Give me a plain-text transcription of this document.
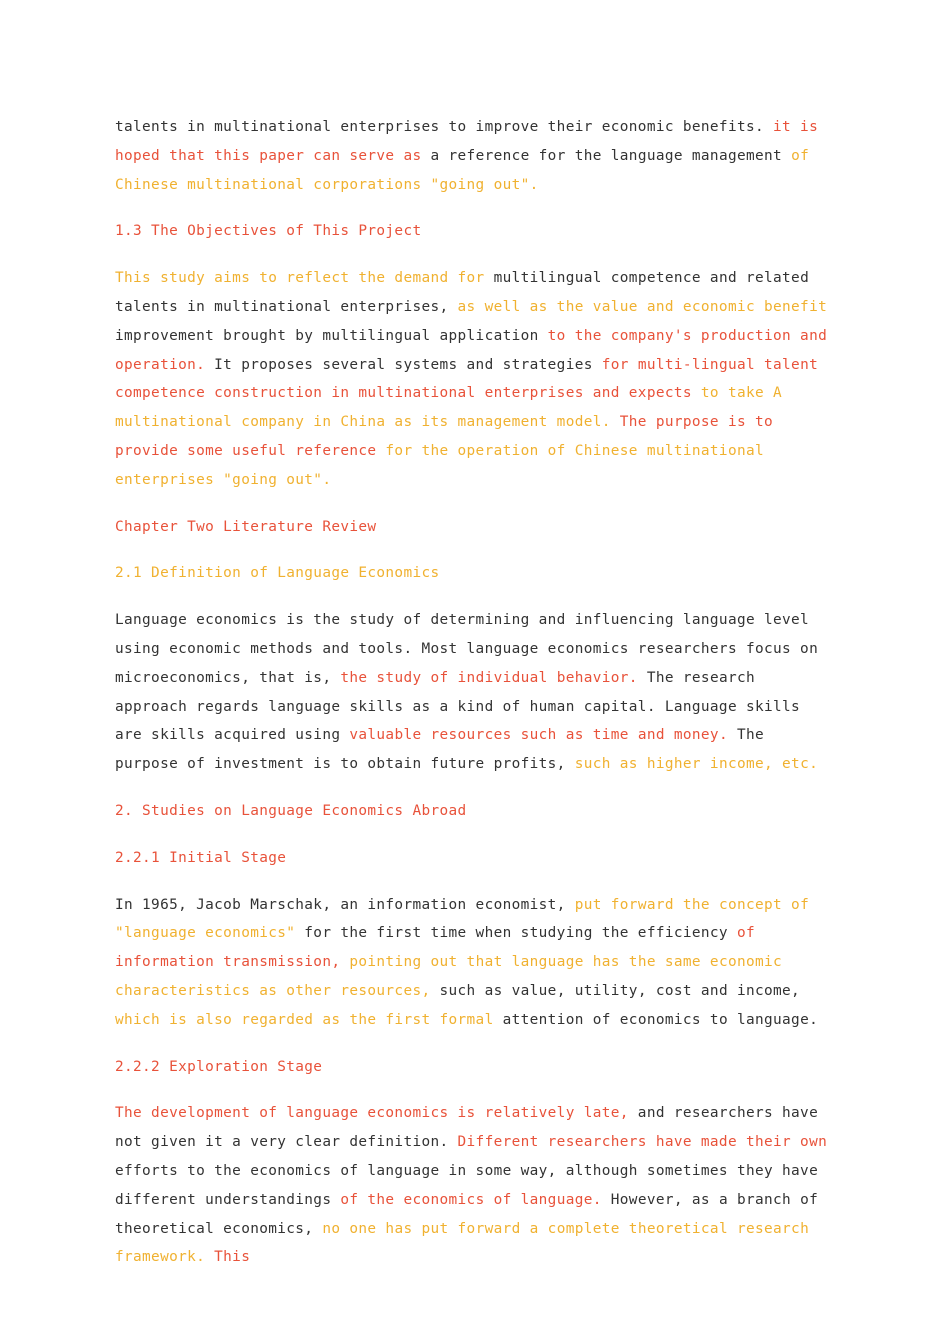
talents in multinational enterprises to improve their economic benefits. it is hoped that this paper can serve as a reference for the language management of Chinese multinational corporations "going out".

1.3 The Objectives of This Project

This study aims to reflect the demand for multilingual competence and related talents in multinational enterprises, as well as the value and economic benefit improvement brought by multilingual application to the company's production and operation. It proposes several systems and strategies for multi-lingual talent competence construction in multinational enterprises and expects to take A multinational company in China as its management model. The purpose is to provide some useful reference for the operation of Chinese multinational enterprises "going out".

Chapter Two Literature Review

2.1 Definition of Language Economics

Language economics is the study of determining and influencing language level using economic methods and tools. Most language economics researchers focus on microeconomics, that is, the study of individual behavior. The research approach regards language skills as a kind of human capital. Language skills are skills acquired using valuable resources such as time and money. The purpose of investment is to obtain future profits, such as higher income, etc.

2. Studies on Language Economics Abroad

2.2.1 Initial Stage

In 1965, Jacob Marschak, an information economist, put forward the concept of "language economics" for the first time when studying the efficiency of information transmission, pointing out that language has the same economic characteristics as other resources, such as value, utility, cost and income, which is also regarded as the first formal attention of economics to language.

2.2.2 Exploration Stage

The development of language economics is relatively late, and researchers have not given it a very clear definition. Different researchers have made their own efforts to the economics of language in some way, although sometimes they have different understandings of the economics of language. However, as a branch of theoretical economics, no one has put forward a complete theoretical research framework. This
